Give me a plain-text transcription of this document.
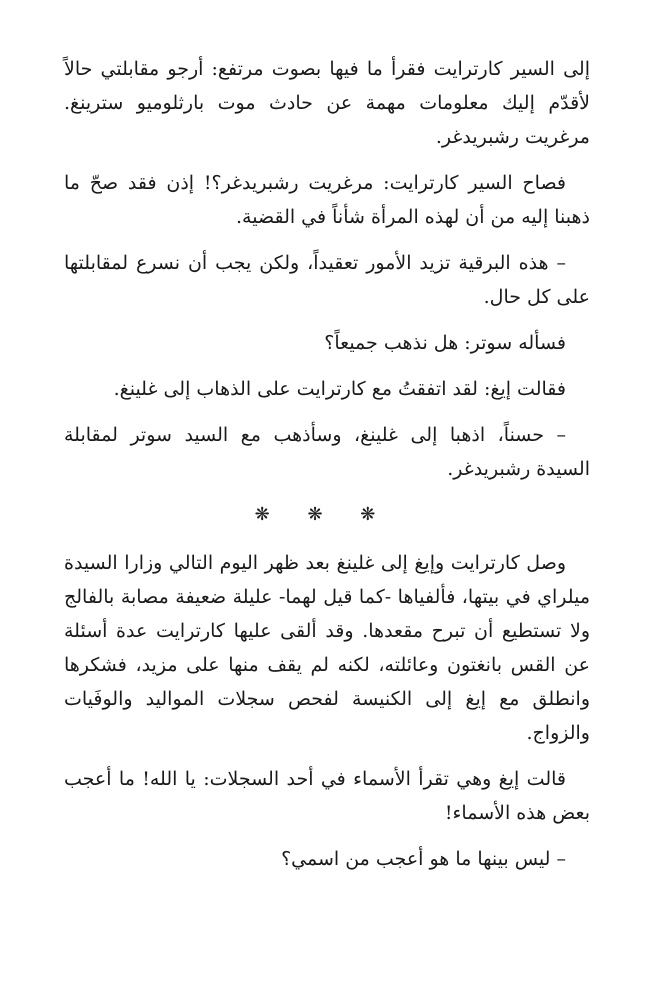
إلى السير كارترايت فقرأ ما فيها بصوت مرتفع: أرجو مقابلتي حالاً لأقدّم إليك معلومات مهمة عن حادث موت بارثلوميو سترينغ. مرغريت رشبريدغر.

فصاح السير كارترايت: مرغريت رشبريدغر؟! إذن فقد صحّ ما ذهبنا إليه من أن لهذه المرأة شأناً في القضية.

– هذه البرقية تزيد الأمور تعقيداً، ولكن يجب أن نسرع لمقابلتها على كل حال.

فسأله سوتر: هل نذهب جميعاً؟

فقالت إيغ: لقد اتفقتُ مع كارترايت على الذهاب إلى غلينغ.

– حسناً، اذهبا إلى غلينغ، وسأذهب مع السيد سوتر لمقابلة السيدة رشبريدغر.

❋ ❋ ❋

وصل كارترايت وإيغ إلى غلينغ بعد ظهر اليوم التالي وزارا السيدة ميلراي في بيتها، فألفياها -كما قيل لهما- عليلة ضعيفة مصابة بالفالج ولا تستطيع أن تبرح مقعدها. وقد ألقى عليها كارترايت عدة أسئلة عن القس بانغتون وعائلته، لكنه لم يقف منها على مزيد، فشكرها وانطلق مع إيغ إلى الكنيسة لفحص سجلات المواليد والوفَيات والزواج.

قالت إيغ وهي تقرأ الأسماء في أحد السجلات: يا الله! ما أعجب بعض هذه الأسماء!

– ليس بينها ما هو أعجب من اسمي؟
